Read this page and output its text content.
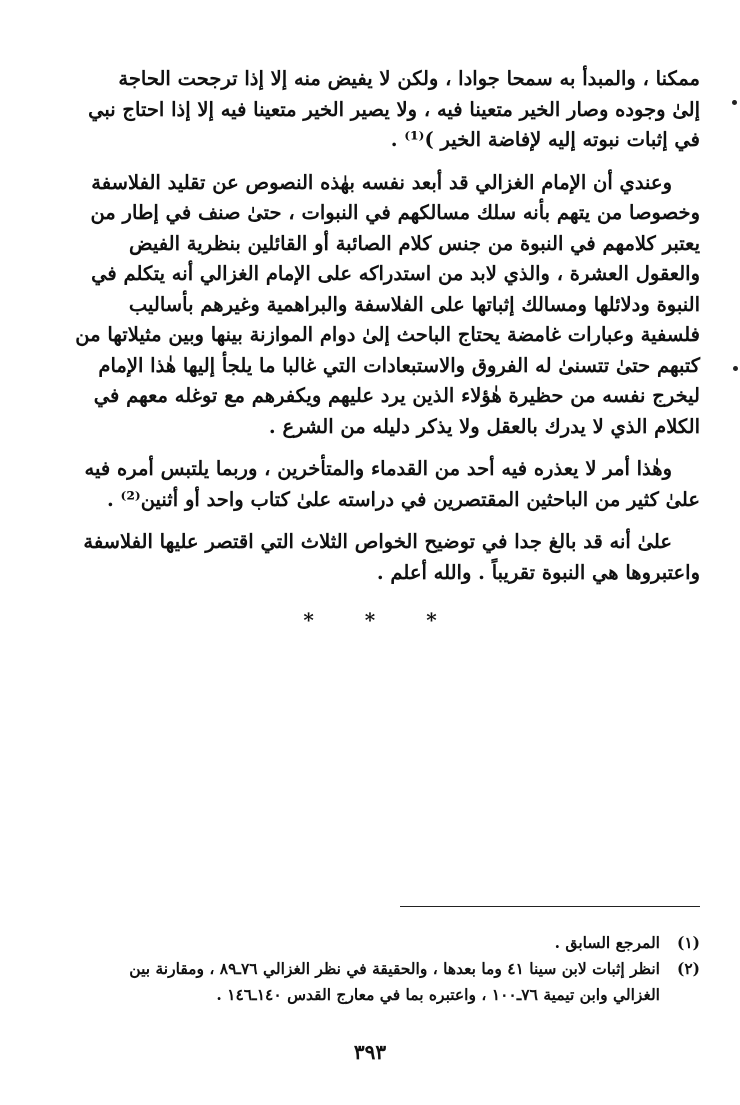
ممكنا ، والمبدأ به سمحا جوادا ، ولكن لا يفيض منه إلا إذا ترجحت الحاجة
إلىٰ وجوده وصار الخير متعينا فيه ، ولا يصير الخير متعينا فيه إلا إذا احتاج نبي
في إثبات نبوته إليه لإفاضة الخير )⁽¹⁾ .

وعندي أن الإمام الغزالي قد أبعد نفسه بهٰذه النصوص عن تقليد الفلاسفة
وخصوصا من يتهم بأنه سلك مسالكهم في النبوات ، حتىٰ صنف في إطار من
يعتبر كلامهم في النبوة من جنس كلام الصائبة أو القائلين بنظرية الفيض
والعقول العشرة ، والذي لابد من استدراكه على الإمام الغزالي أنه يتكلم في
النبوة ودلائلها ومسالك إثباتها على الفلاسفة والبراهمية وغيرهم بأساليب
فلسفية وعبارات غامضة يحتاج الباحث إلىٰ دوام الموازنة بينها وبين مثيلاتها من
كتبهم حتىٰ تتسنىٰ له الفروق والاستبعادات التي غالبا ما يلجأ إليها هٰذا الإمام
ليخرج نفسه من حظيرة هٰؤلاء الذين يرد عليهم ويكفرهم مع توغله معهم في
الكلام الذي لا يدرك بالعقل ولا يذكر دليله من الشرع .

وهٰذا أمر لا يعذره فيه أحد من القدماء والمتأخرين ، وربما يلتبس أمره فيه
علىٰ كثير من الباحثين المقتصرين في دراسته علىٰ كتاب واحد أو أثنين⁽²⁾ .

علىٰ أنه قد بالغ جدا في توضيح الخواص الثلاث التي اقتصر عليها الفلاسفة
واعتبروها هي النبوة تقريباً . والله أعلم .

* * *
(١)
المرجع السابق .
(٢)
انظر إثبات لابن سينا ٤١ وما بعدها ، والحقيقة في نظر الغزالي ٧٦ـ٨٩ ، ومقارنة بين
الغزالي وابن تيمية ٧٦ـ١٠٠ ، واعتبره بما في معارج القدس ١٤٠ـ١٤٦ .
٣٩٣
